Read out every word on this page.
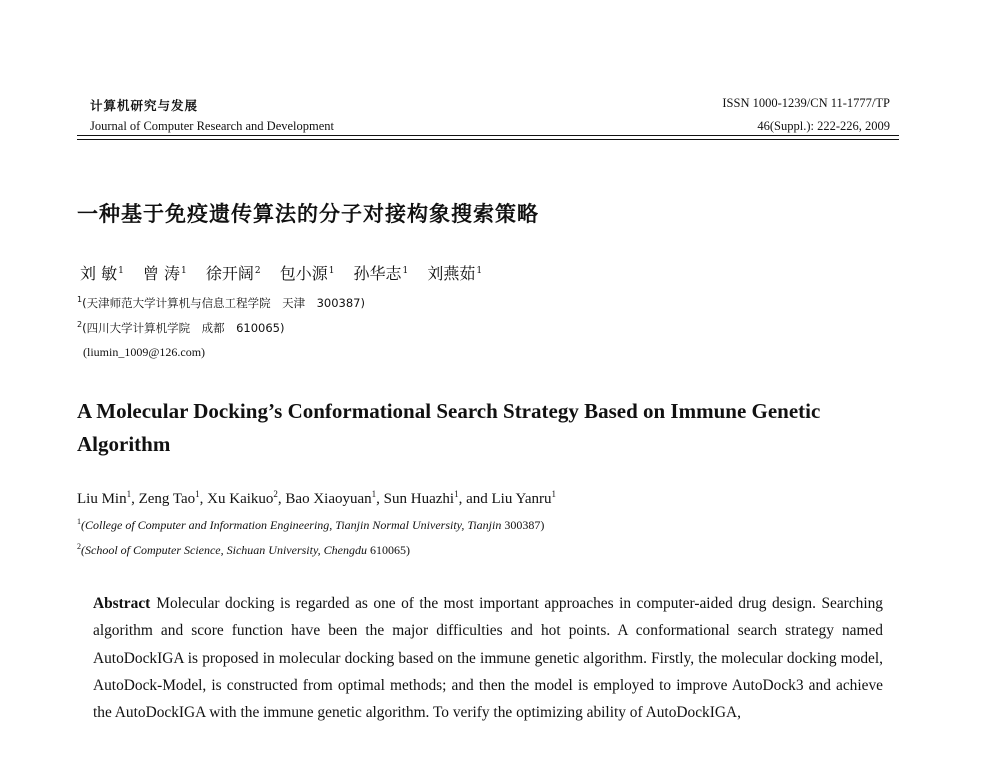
计算机研究与发展
Journal of Computer Research and Development
ISSN 1000-1239/CN 11-1777/TP
46(Suppl.): 222-226, 2009
一种基于免疫遗传算法的分子对接构象搜索策略
刘 敏$^1$ 曾 涛$^1$ 徐开阔$^2$ 包小源$^1$ 孙华志$^1$ 刘燕茹$^1$
$^1$(天津师范大学计算机与信息工程学院　天津　300387)
$^2$(四川大学计算机学院　成都　610065)
(liumin_1009@126.com)
A Molecular Docking’s Conformational Search Strategy Based on Immune Genetic Algorithm
Liu Min$^1$, Zeng Tao$^1$, Xu Kaikuo$^2$, Bao Xiaoyuan$^1$, Sun Huazhi$^1$, and Liu Yanru$^1$
$^1$(College of Computer and Information Engineering, Tianjin Normal University, Tianjin 300387)
$^2$(School of Computer Science, Sichuan University, Chengdu 610065)
Abstract Molecular docking is regarded as one of the most important approaches in computer-aided drug design. Searching algorithm and score function have been the major difficulties and hot points. A conformational search strategy named AutoDockIGA is proposed in molecular docking based on the immune genetic algorithm. Firstly, the molecular docking model, AutoDock-Model, is constructed from optimal methods; and then the model is employed to improve AutoDock3 and achieve the AutoDockIGA with the immune genetic algorithm. To verify the optimizing ability of AutoDockIGA,
